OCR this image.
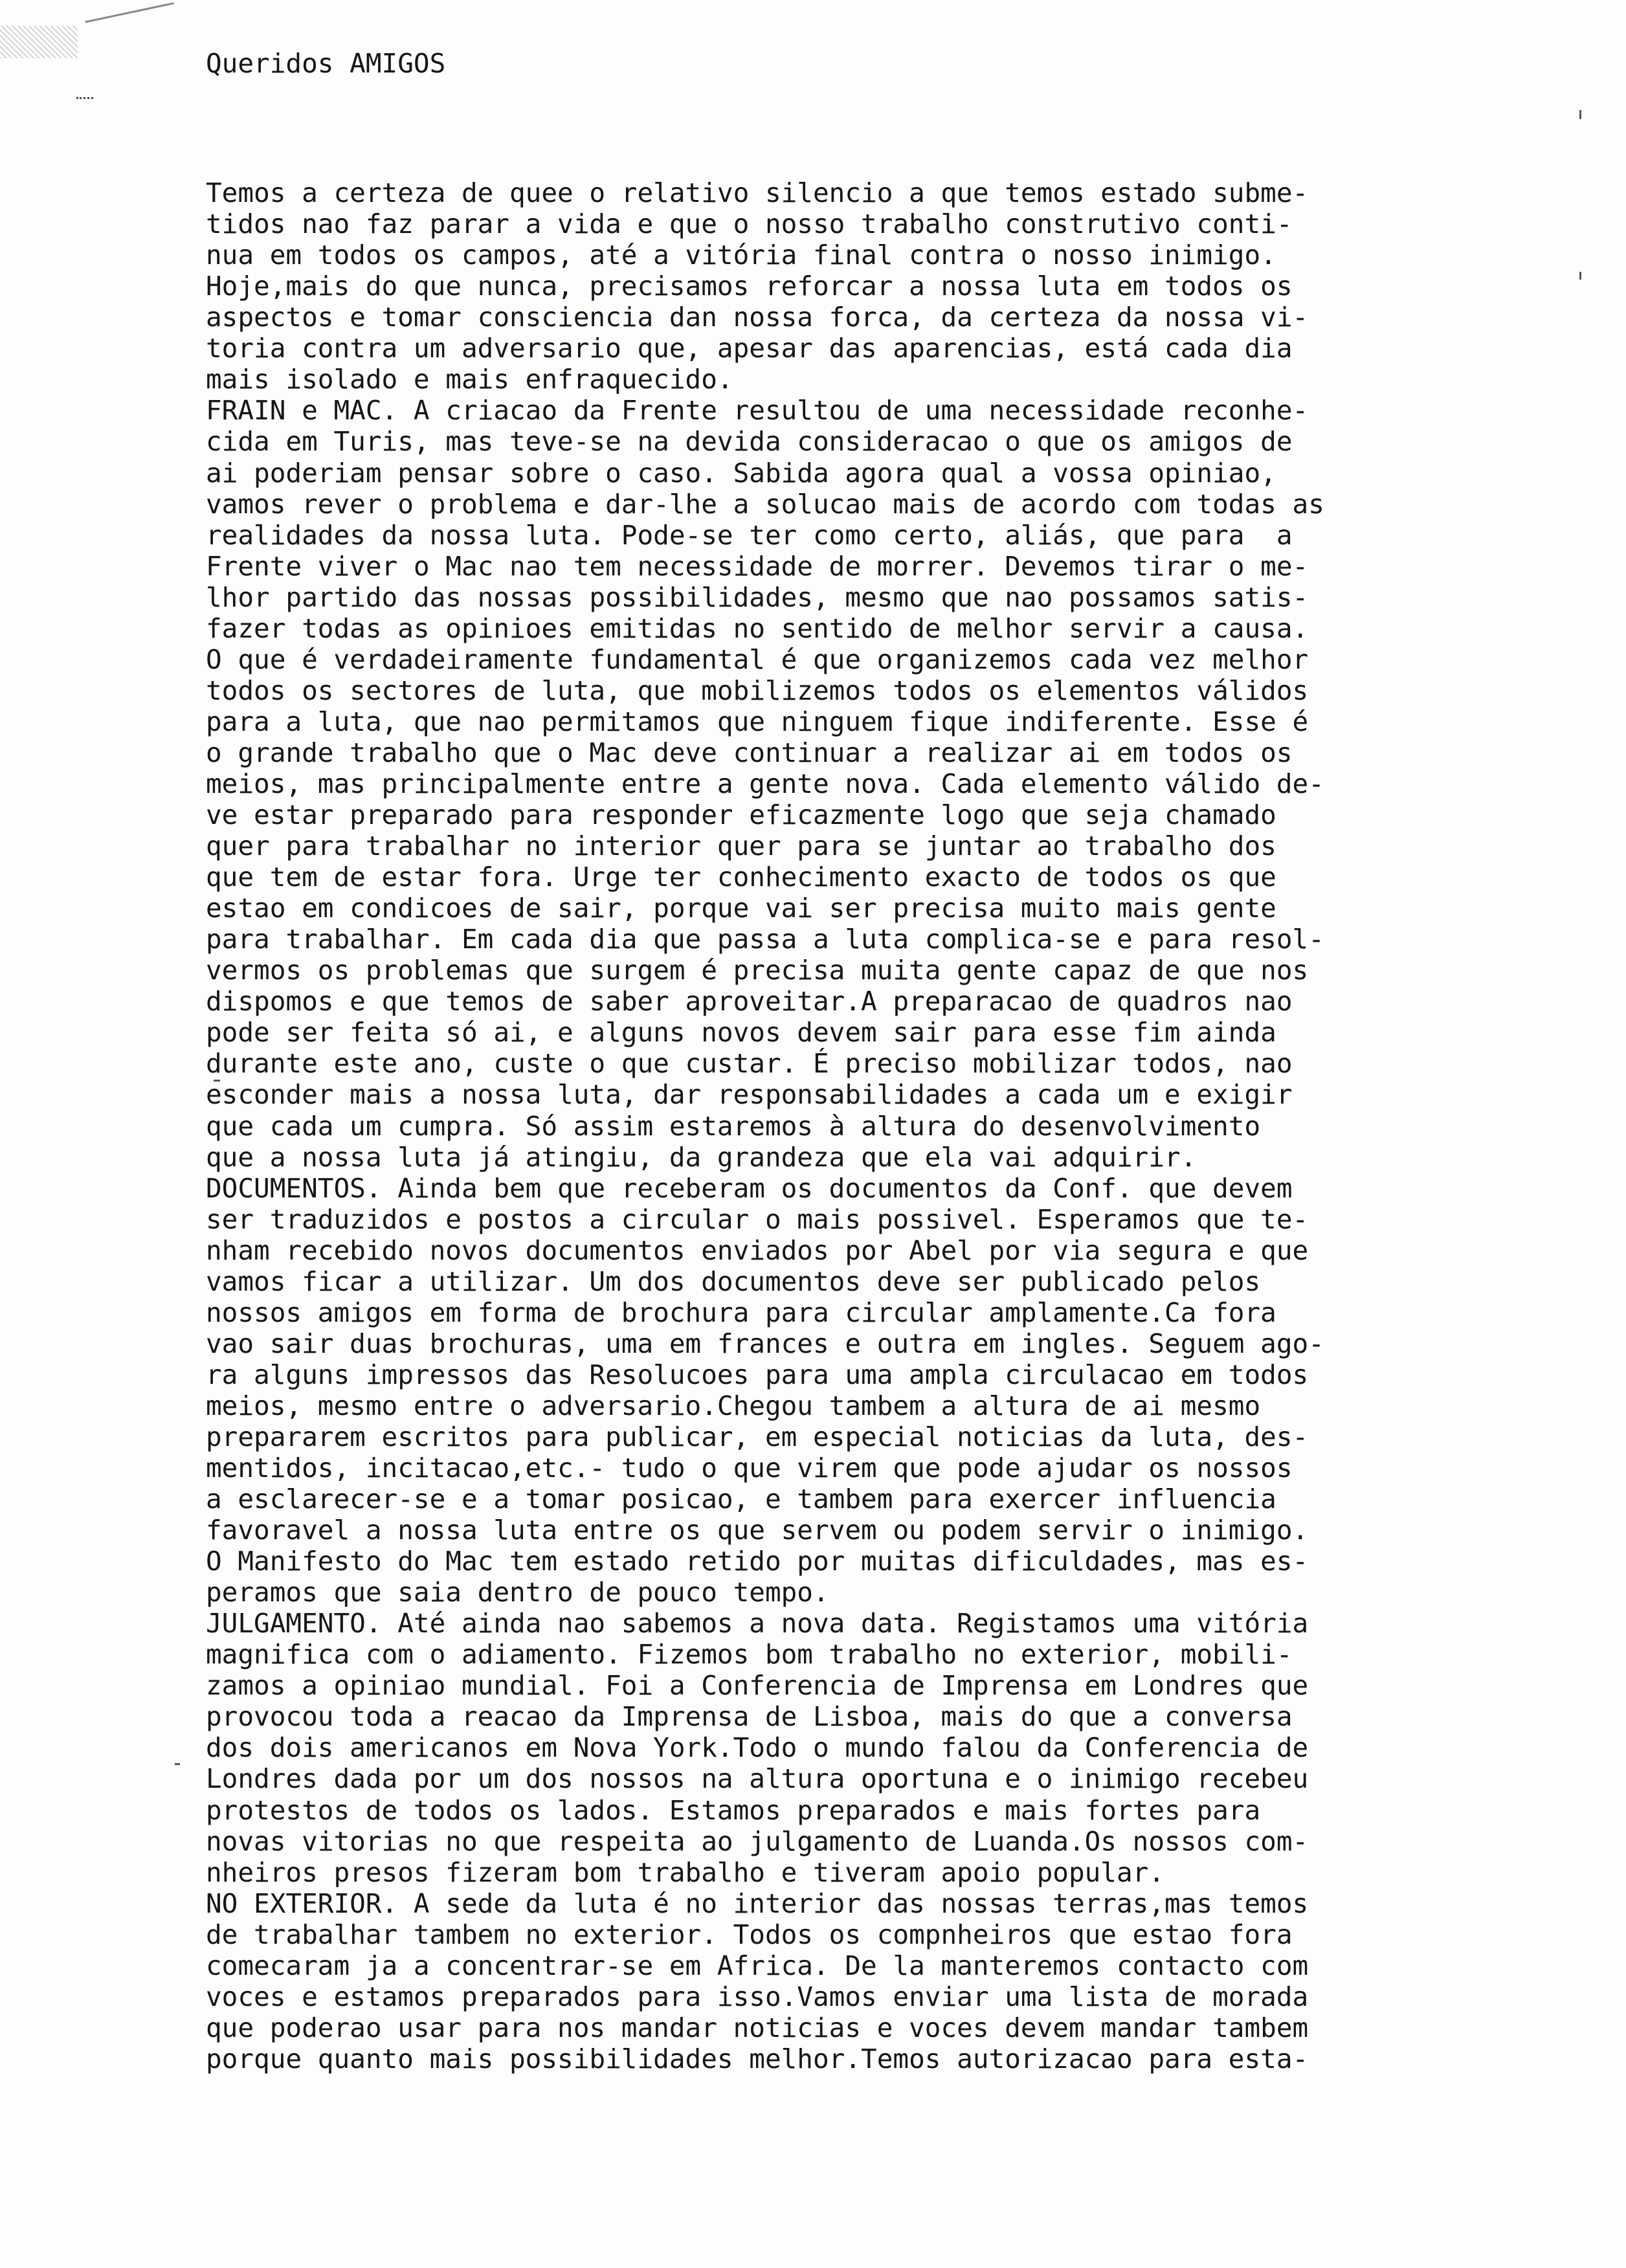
Queridos AMIGOS

Temos a certeza de quee o relativo silencio a que temos estado subme-
tidos nao faz parar a vida e que o nosso trabalho construtivo conti-
nua em todos os campos, até a vitória final contra o nosso inimigo.
Hoje,mais do que nunca, precisamos reforcar a nossa luta em todos os
aspectos e tomar consciencia dan nossa forca, da certeza da nossa vi-
toria contra um adversario que, apesar das aparencias, está cada dia
mais isolado e mais enfraquecido.
FRAIN e MAC. A criacao da Frente resultou de uma necessidade reconhe-
cida em Turis, mas teve-se na devida consideracao o que os amigos de
ai poderiam pensar sobre o caso. Sabida agora qual a vossa opiniao,
vamos rever o problema e dar-lhe a solucao mais de acordo com todas as
realidades da nossa luta. Pode-se ter como certo, aliás, que para  a
Frente viver o Mac nao tem necessidade de morrer. Devemos tirar o me-
lhor partido das nossas possibilidades, mesmo que nao possamos satis-
fazer todas as opinioes emitidas no sentido de melhor servir a causa.
O que é verdadeiramente fundamental é que organizemos cada vez melhor
todos os sectores de luta, que mobilizemos todos os elementos válidos
para a luta, que nao permitamos que ninguem fique indiferente. Esse é
o grande trabalho que o Mac deve continuar a realizar ai em todos os
meios, mas principalmente entre a gente nova. Cada elemento válido de-
ve estar preparado para responder eficazmente logo que seja chamado
quer para trabalhar no interior quer para se juntar ao trabalho dos
que tem de estar fora. Urge ter conhecimento exacto de todos os que
estao em condicoes de sair, porque vai ser precisa muito mais gente
para trabalhar. Em cada dia que passa a luta complica-se e para resol-
vermos os problemas que surgem é precisa muita gente capaz de que nos
dispomos e que temos de saber aproveitar.A preparacao de quadros nao
pode ser feita só ai, e alguns novos devem sair para esse fim ainda
durante este ano, custe o que custar. É preciso mobilizar todos, nao
esconder mais a nossa luta, dar responsabilidades a cada um e exigir
que cada um cumpra. Só assim estaremos à altura do desenvolvimento
que a nossa luta já atingiu, da grandeza que ela vai adquirir.
DOCUMENTOS. Ainda bem que receberam os documentos da Conf. que devem
ser traduzidos e postos a circular o mais possivel. Esperamos que te-
nham recebido novos documentos enviados por Abel por via segura e que
vamos ficar a utilizar. Um dos documentos deve ser publicado pelos
nossos amigos em forma de brochura para circular amplamente.Ca fora
vao sair duas brochuras, uma em frances e outra em ingles. Seguem ago-
ra alguns impressos das Resolucoes para uma ampla circulacao em todos
meios, mesmo entre o adversario.Chegou tambem a altura de ai mesmo
prepararem escritos para publicar, em especial noticias da luta, des-
mentidos, incitacao,etc.- tudo o que virem que pode ajudar os nossos
a esclarecer-se e a tomar posicao, e tambem para exercer influencia
favoravel a nossa luta entre os que servem ou podem servir o inimigo.
O Manifesto do Mac tem estado retido por muitas dificuldades, mas es-
peramos que saia dentro de pouco tempo.
JULGAMENTO. Até ainda nao sabemos a nova data. Registamos uma vitória
magnifica com o adiamento. Fizemos bom trabalho no exterior, mobili-
zamos a opiniao mundial. Foi a Conferencia de Imprensa em Londres que
provocou toda a reacao da Imprensa de Lisboa, mais do que a conversa
dos dois americanos em Nova York.Todo o mundo falou da Conferencia de
Londres dada por um dos nossos na altura oportuna e o inimigo recebeu
protestos de todos os lados. Estamos preparados e mais fortes para
novas vitorias no que respeita ao julgamento de Luanda.Os nossos com-
nheiros presos fizeram bom trabalho e tiveram apoio popular.
NO EXTERIOR. A sede da luta é no interior das nossas terras,mas temos
de trabalhar tambem no exterior. Todos os compnheiros que estao fora
comecaram ja a concentrar-se em Africa. De la manteremos contacto com
voces e estamos preparados para isso.Vamos enviar uma lista de morada
que poderao usar para nos mandar noticias e voces devem mandar tambem
porque quanto mais possibilidades melhor.Temos autorizacao para esta-
